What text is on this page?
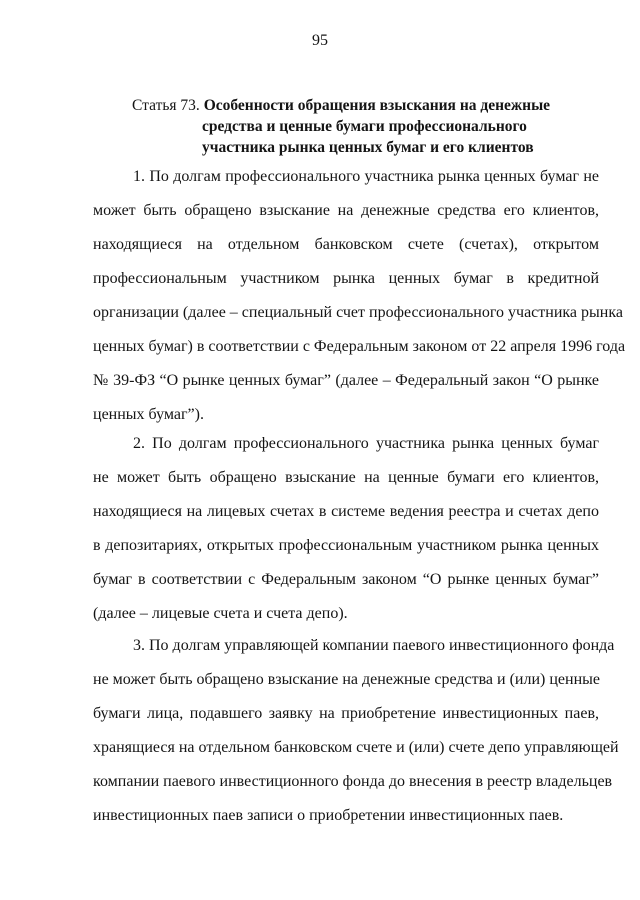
95
Статья 73. Особенности обращения взыскания на денежные
средства и ценные бумаги профессионального
участника рынка ценных бумаг и его клиентов
1. По долгам профессионального участника рынка ценных бумаг не
может быть обращено взыскание на денежные средства его клиентов,
находящиеся на отдельном банковском счете (счетах), открытом
профессиональным участником рынка ценных бумаг в кредитной
организации (далее – специальный счет профессионального участника рынка
ценных бумаг) в соответствии с Федеральным законом от 22 апреля 1996 года
№ 39-ФЗ “О рынке ценных бумаг” (далее – Федеральный закон “О рынке
ценных бумаг”).
2. По долгам профессионального участника рынка ценных бумаг
не может быть обращено взыскание на ценные бумаги его клиентов,
находящиеся на лицевых счетах в системе ведения реестра и счетах депо
в депозитариях, открытых профессиональным участником рынка ценных
бумаг в соответствии с Федеральным законом “О рынке ценных бумаг”
(далее – лицевые счета и счета депо).
3. По долгам управляющей компании паевого инвестиционного фонда
не может быть обращено взыскание на денежные средства и (или) ценные
бумаги лица, подавшего заявку на приобретение инвестиционных паев,
хранящиеся на отдельном банковском счете и (или) счете депо управляющей
компании паевого инвестиционного фонда до внесения в реестр владельцев
инвестиционных паев записи о приобретении инвестиционных паев.
